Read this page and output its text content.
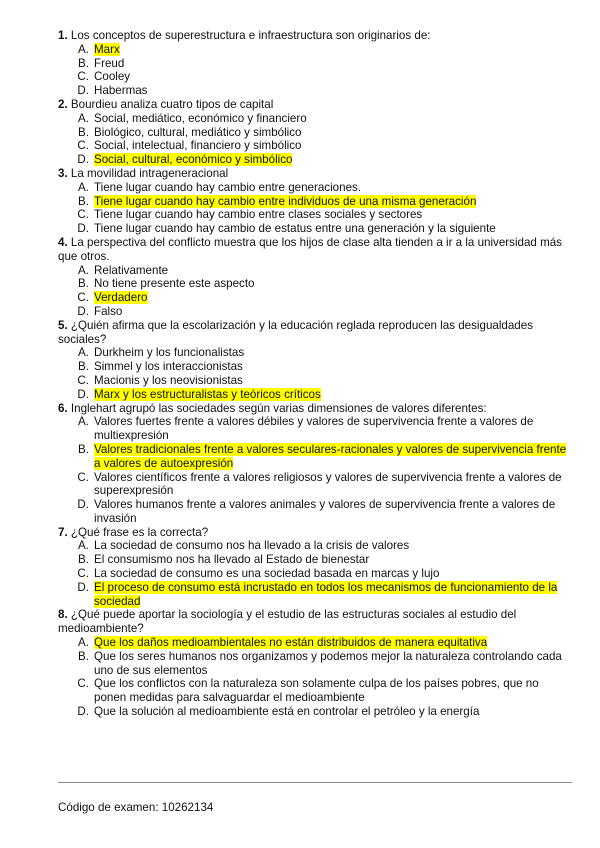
1. Los conceptos de superestructura e infraestructura son originarios de:
A. Marx
B. Freud
C. Cooley
D. Habermas
2. Bourdieu analiza cuatro tipos de capital
A. Social, mediático, económico y financiero
B. Biológico, cultural, mediático y simbólico
C. Social, intelectual, financiero y simbólico
D. Social, cultural, económico y simbólico
3. La movilidad intrageneracional
A. Tiene lugar cuando hay cambio entre generaciones.
B. Tiene lugar cuando hay cambio entre individuos de una misma generación
C. Tiene lugar cuando hay cambio entre clases sociales y sectores
D. Tiene lugar cuando hay cambio de estatus entre una generación y la siguiente
4. La perspectiva del conflicto muestra que los hijos de clase alta tienden a ir a la universidad más que otros.
A. Relativamente
B. No tiene presente este aspecto
C. Verdadero
D. Falso
5. ¿Quién afirma que la escolarización y la educación reglada reproducen las desigualdades sociales?
A. Durkheim y los funcionalistas
B. Simmel y los interaccionistas
C. Macionis y los neovisionistas
D. Marx y los estructuralistas y teóricos críticos
6. Inglehart agrupó las sociedades según varias dimensiones de valores diferentes:
A. Valores fuertes frente a valores débiles y valores de supervivencia frente a valores de multiexpresión
B. Valores tradicionales frente a valores seculares-racionales y valores de supervivencia frente a valores de autoexpresión
C. Valores científicos frente a valores religiosos y valores de supervivencia frente a valores de superexpresión
D. Valores humanos frente a valores animales y valores de supervivencia frente a valores de invasión
7. ¿Qué frase es la correcta?
A. La sociedad de consumo nos ha llevado a la crisis de valores
B. El consumismo nos ha llevado al Estado de bienestar
C. La sociedad de consumo es una sociedad basada en marcas y lujo
D. El proceso de consumo está incrustado en todos los mecanismos de funcionamiento de la sociedad
8. ¿Qué puede aportar la sociología y el estudio de las estructuras sociales al estudio del medioambiente?
A. Que los daños medioambientales no están distribuidos de manera equitativa
B. Que los seres humanos nos organizamos y podemos mejor la naturaleza controlando cada uno de sus elementos
C. Que los conflictos con la naturaleza son solamente culpa de los países pobres, que no ponen medidas para salvaguardar el medioambiente
D. Que la solución al medioambiente está en controlar el petróleo y la energía
Código de examen: 10262134
